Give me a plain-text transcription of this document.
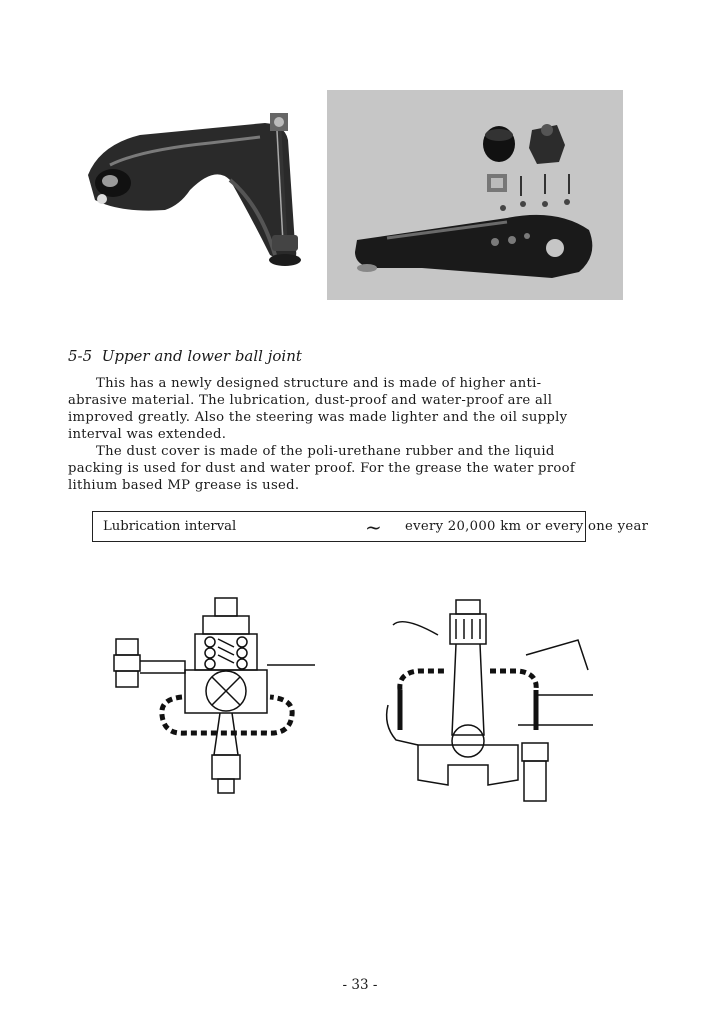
5-5 Upper and lower ball joint

This has a newly designed structure and is made of higher anti-
abrasive material. The lubrication, dust-proof and water-proof are all
improved greatly. Also the steering was made lighter and the oil supply
interval was extended.

The dust cover is made of the poli-urethane rubber and the liquid
packing is used for dust and water proof. For the grease the water proof
lithium based MP grease is used.

Lubrication interval	~ every 20,000 km or every one year
- 33 -
